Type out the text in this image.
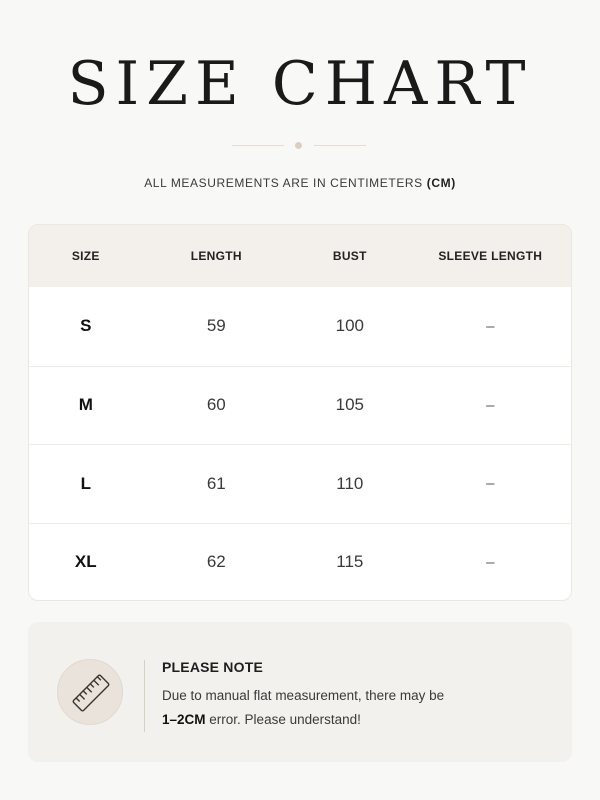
SIZE CHART
ALL MEASUREMENTS ARE IN CENTIMETERS (CM)
SIZE	LENGTH	BUST	SLEEVE LENGTH
S	59	100	–
M	60	105	–
L	61	110	–
XL	62	115	–
PLEASE NOTE
Due to manual flat measurement, there may be
1–2CM error. Please understand!
